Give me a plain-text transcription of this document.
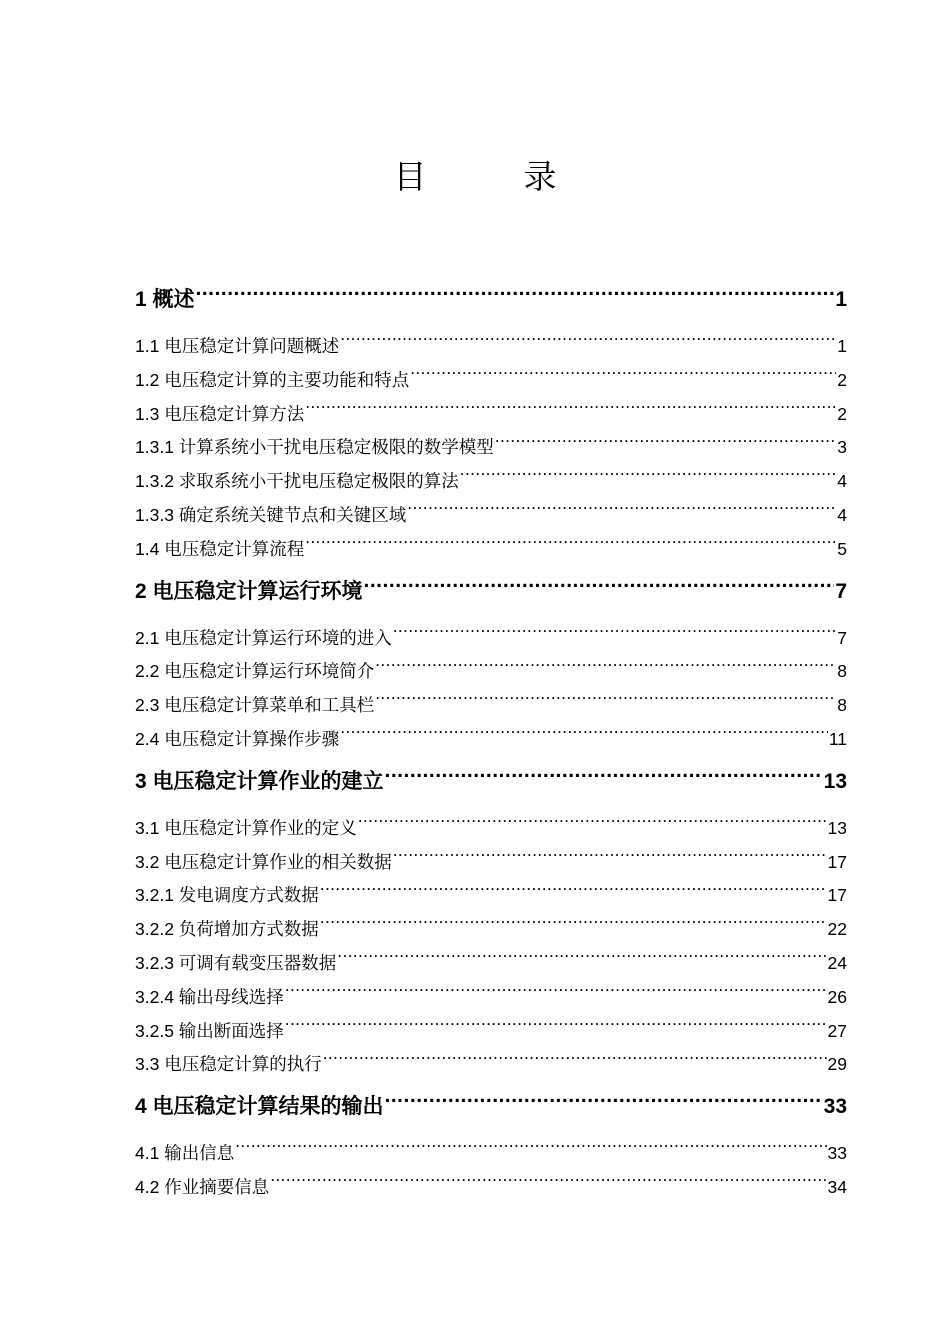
目　录
1 概述 .....	1
1.1 电压稳定计算问题概述 .....	1
1.2 电压稳定计算的主要功能和特点 .....	2
1.3 电压稳定计算方法 .....	2
1.3.1 计算系统小干扰电压稳定极限的数学模型 .....	3
1.3.2 求取系统小干扰电压稳定极限的算法 .....	4
1.3.3 确定系统关键节点和关键区域 .....	4
1.4 电压稳定计算流程 .....	5
2 电压稳定计算运行环境 .....	7
2.1 电压稳定计算运行环境的进入 .....	7
2.2 电压稳定计算运行环境简介 .....	8
2.3 电压稳定计算菜单和工具栏 .....	8
2.4 电压稳定计算操作步骤 .....	11
3 电压稳定计算作业的建立 .....	13
3.1 电压稳定计算作业的定义 .....	13
3.2 电压稳定计算作业的相关数据 .....	17
3.2.1 发电调度方式数据 .....	17
3.2.2 负荷增加方式数据 .....	22
3.2.3 可调有载变压器数据 .....	24
3.2.4 输出母线选择 .....	26
3.2.5 输出断面选择 .....	27
3.3 电压稳定计算的执行 .....	29
4 电压稳定计算结果的输出 .....	33
4.1 输出信息 .....	33
4.2 作业摘要信息 .....	34
